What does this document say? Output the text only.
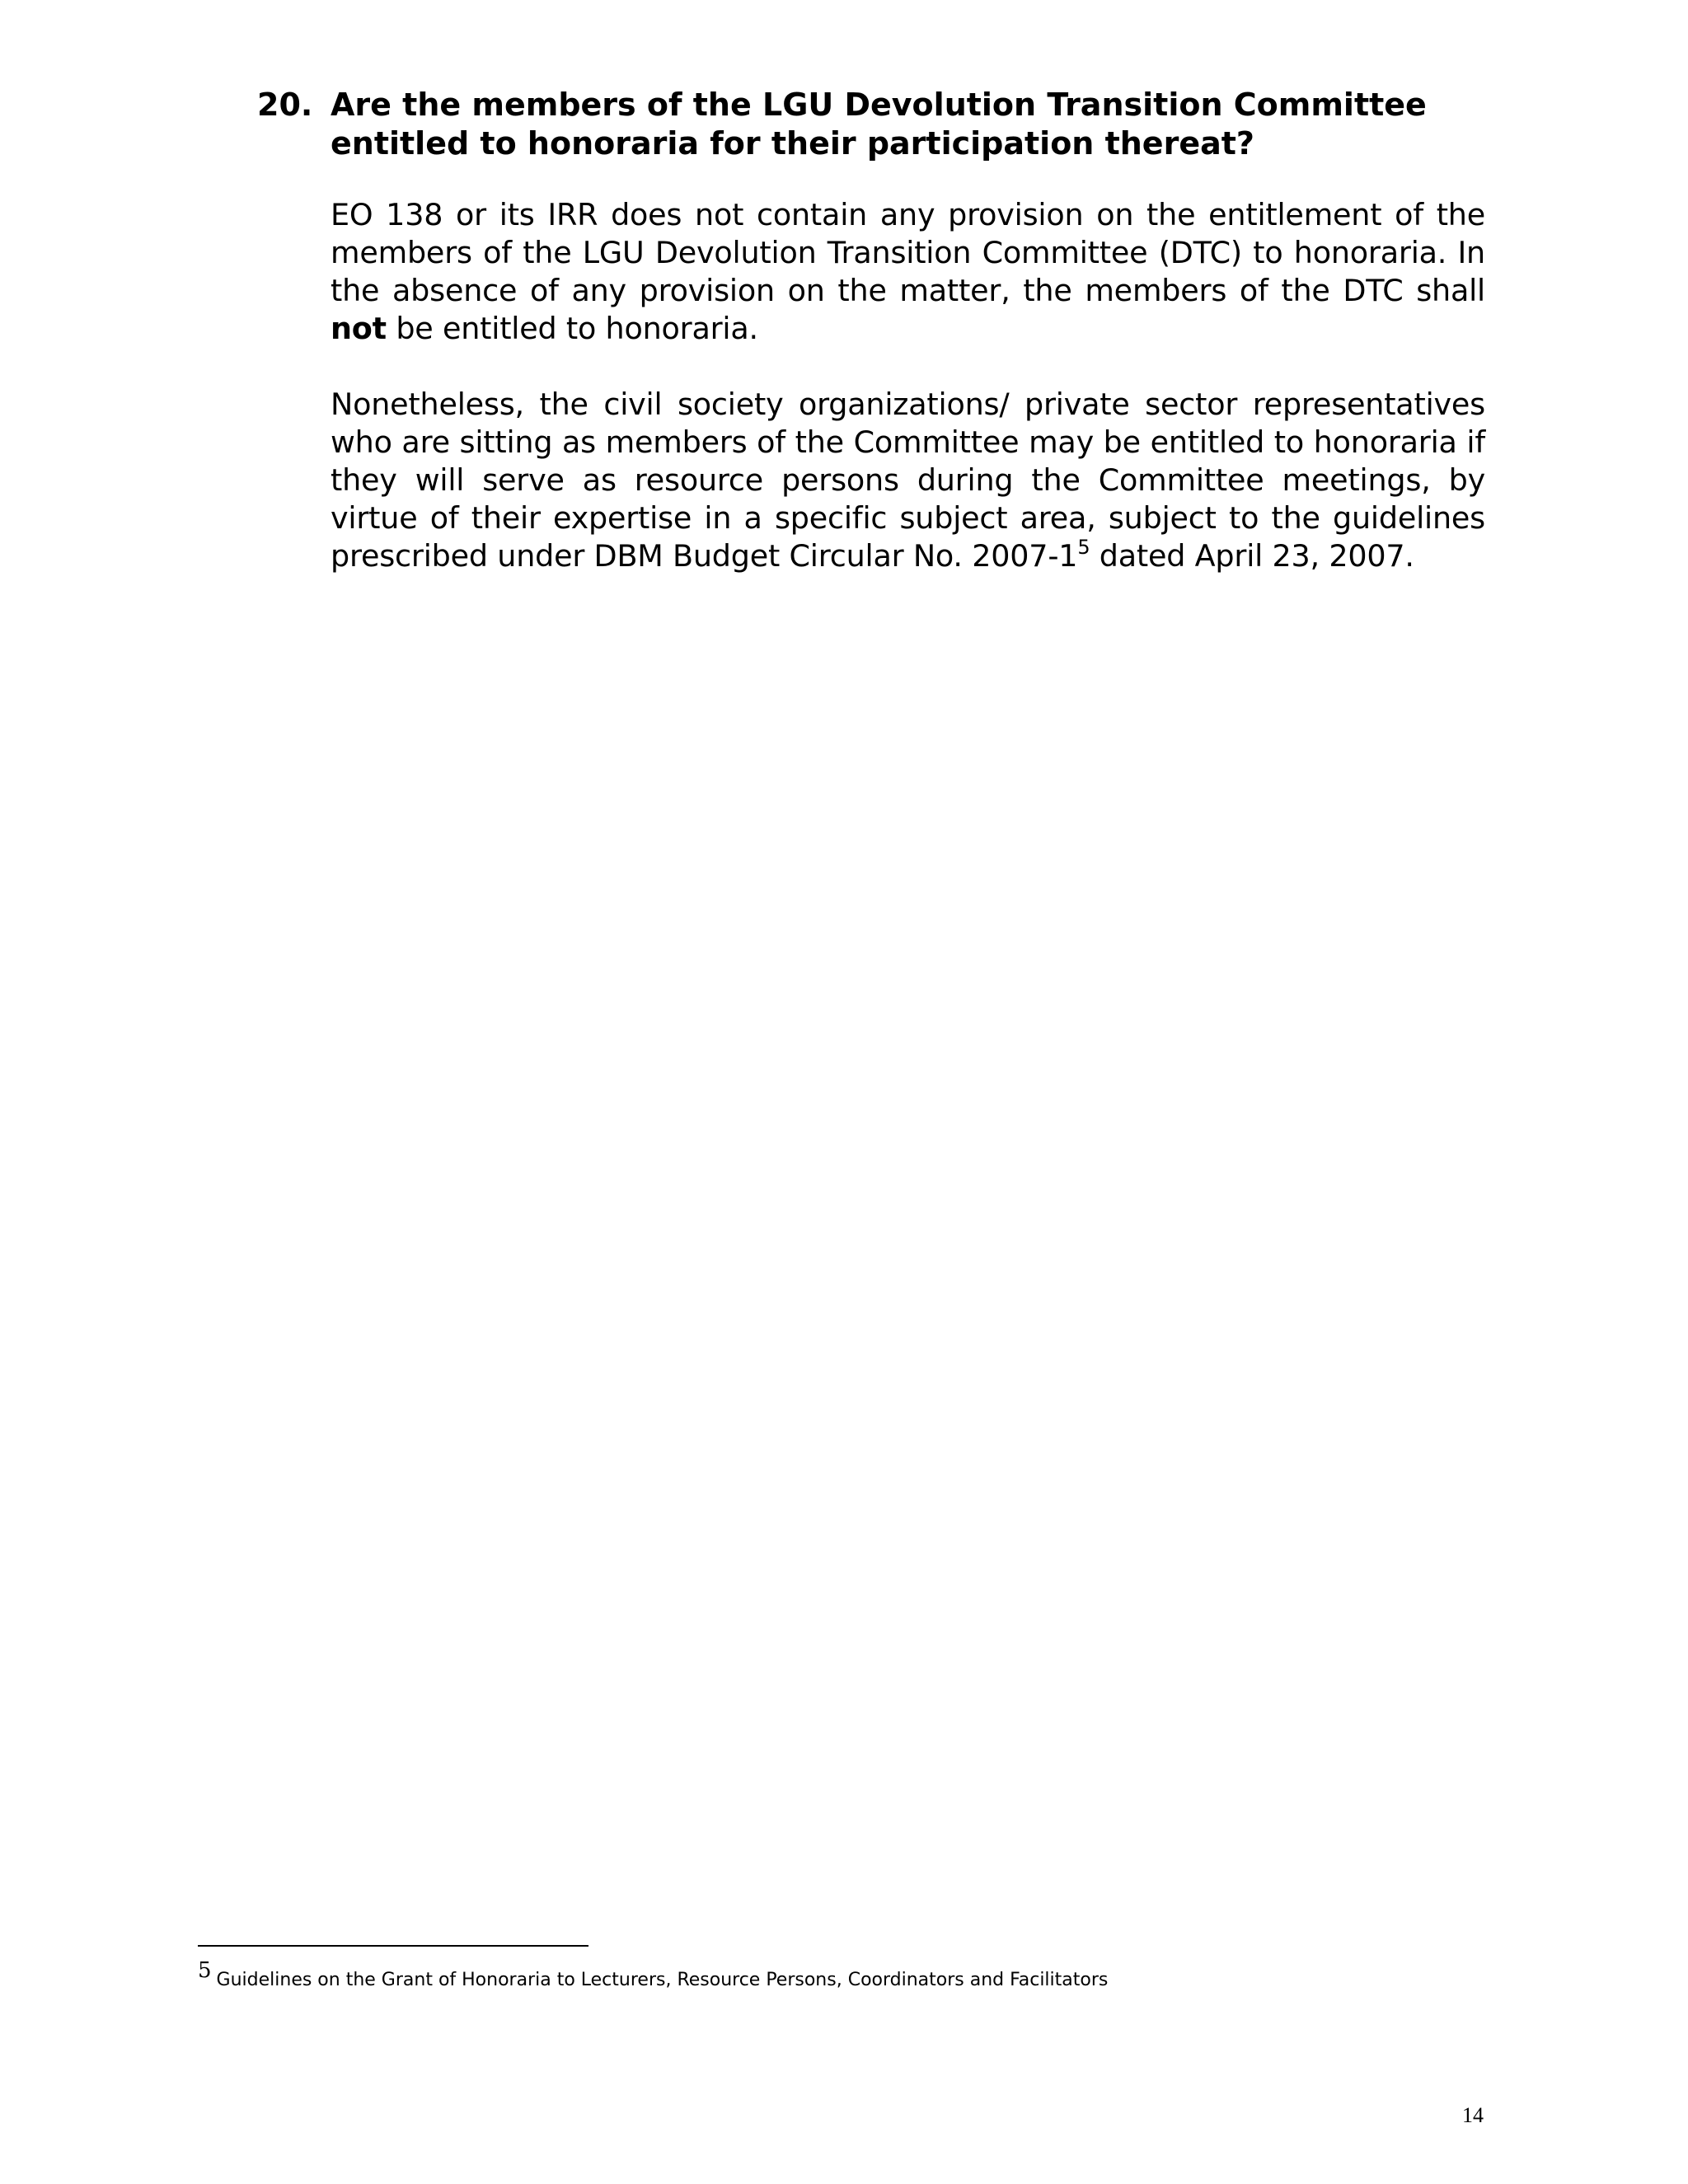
20. Are the members of the LGU Devolution Transition Committee entitled to honoraria for their participation thereat?

EO 138 or its IRR does not contain any provision on the entitlement of the members of the LGU Devolution Transition Committee (DTC) to honoraria. In the absence of any provision on the matter, the members of the DTC shall not be entitled to honoraria.

Nonetheless, the civil society organizations/ private sector representatives who are sitting as members of the Committee may be entitled to honoraria if they will serve as resource persons during the Committee meetings, by virtue of their expertise in a specific subject area, subject to the guidelines prescribed under DBM Budget Circular No. $2007-1^5$ dated April 23, 2007.

5 Guidelines on the Grant of Honoraria to Lecturers, Resource Persons, Coordinators and Facilitators
14
